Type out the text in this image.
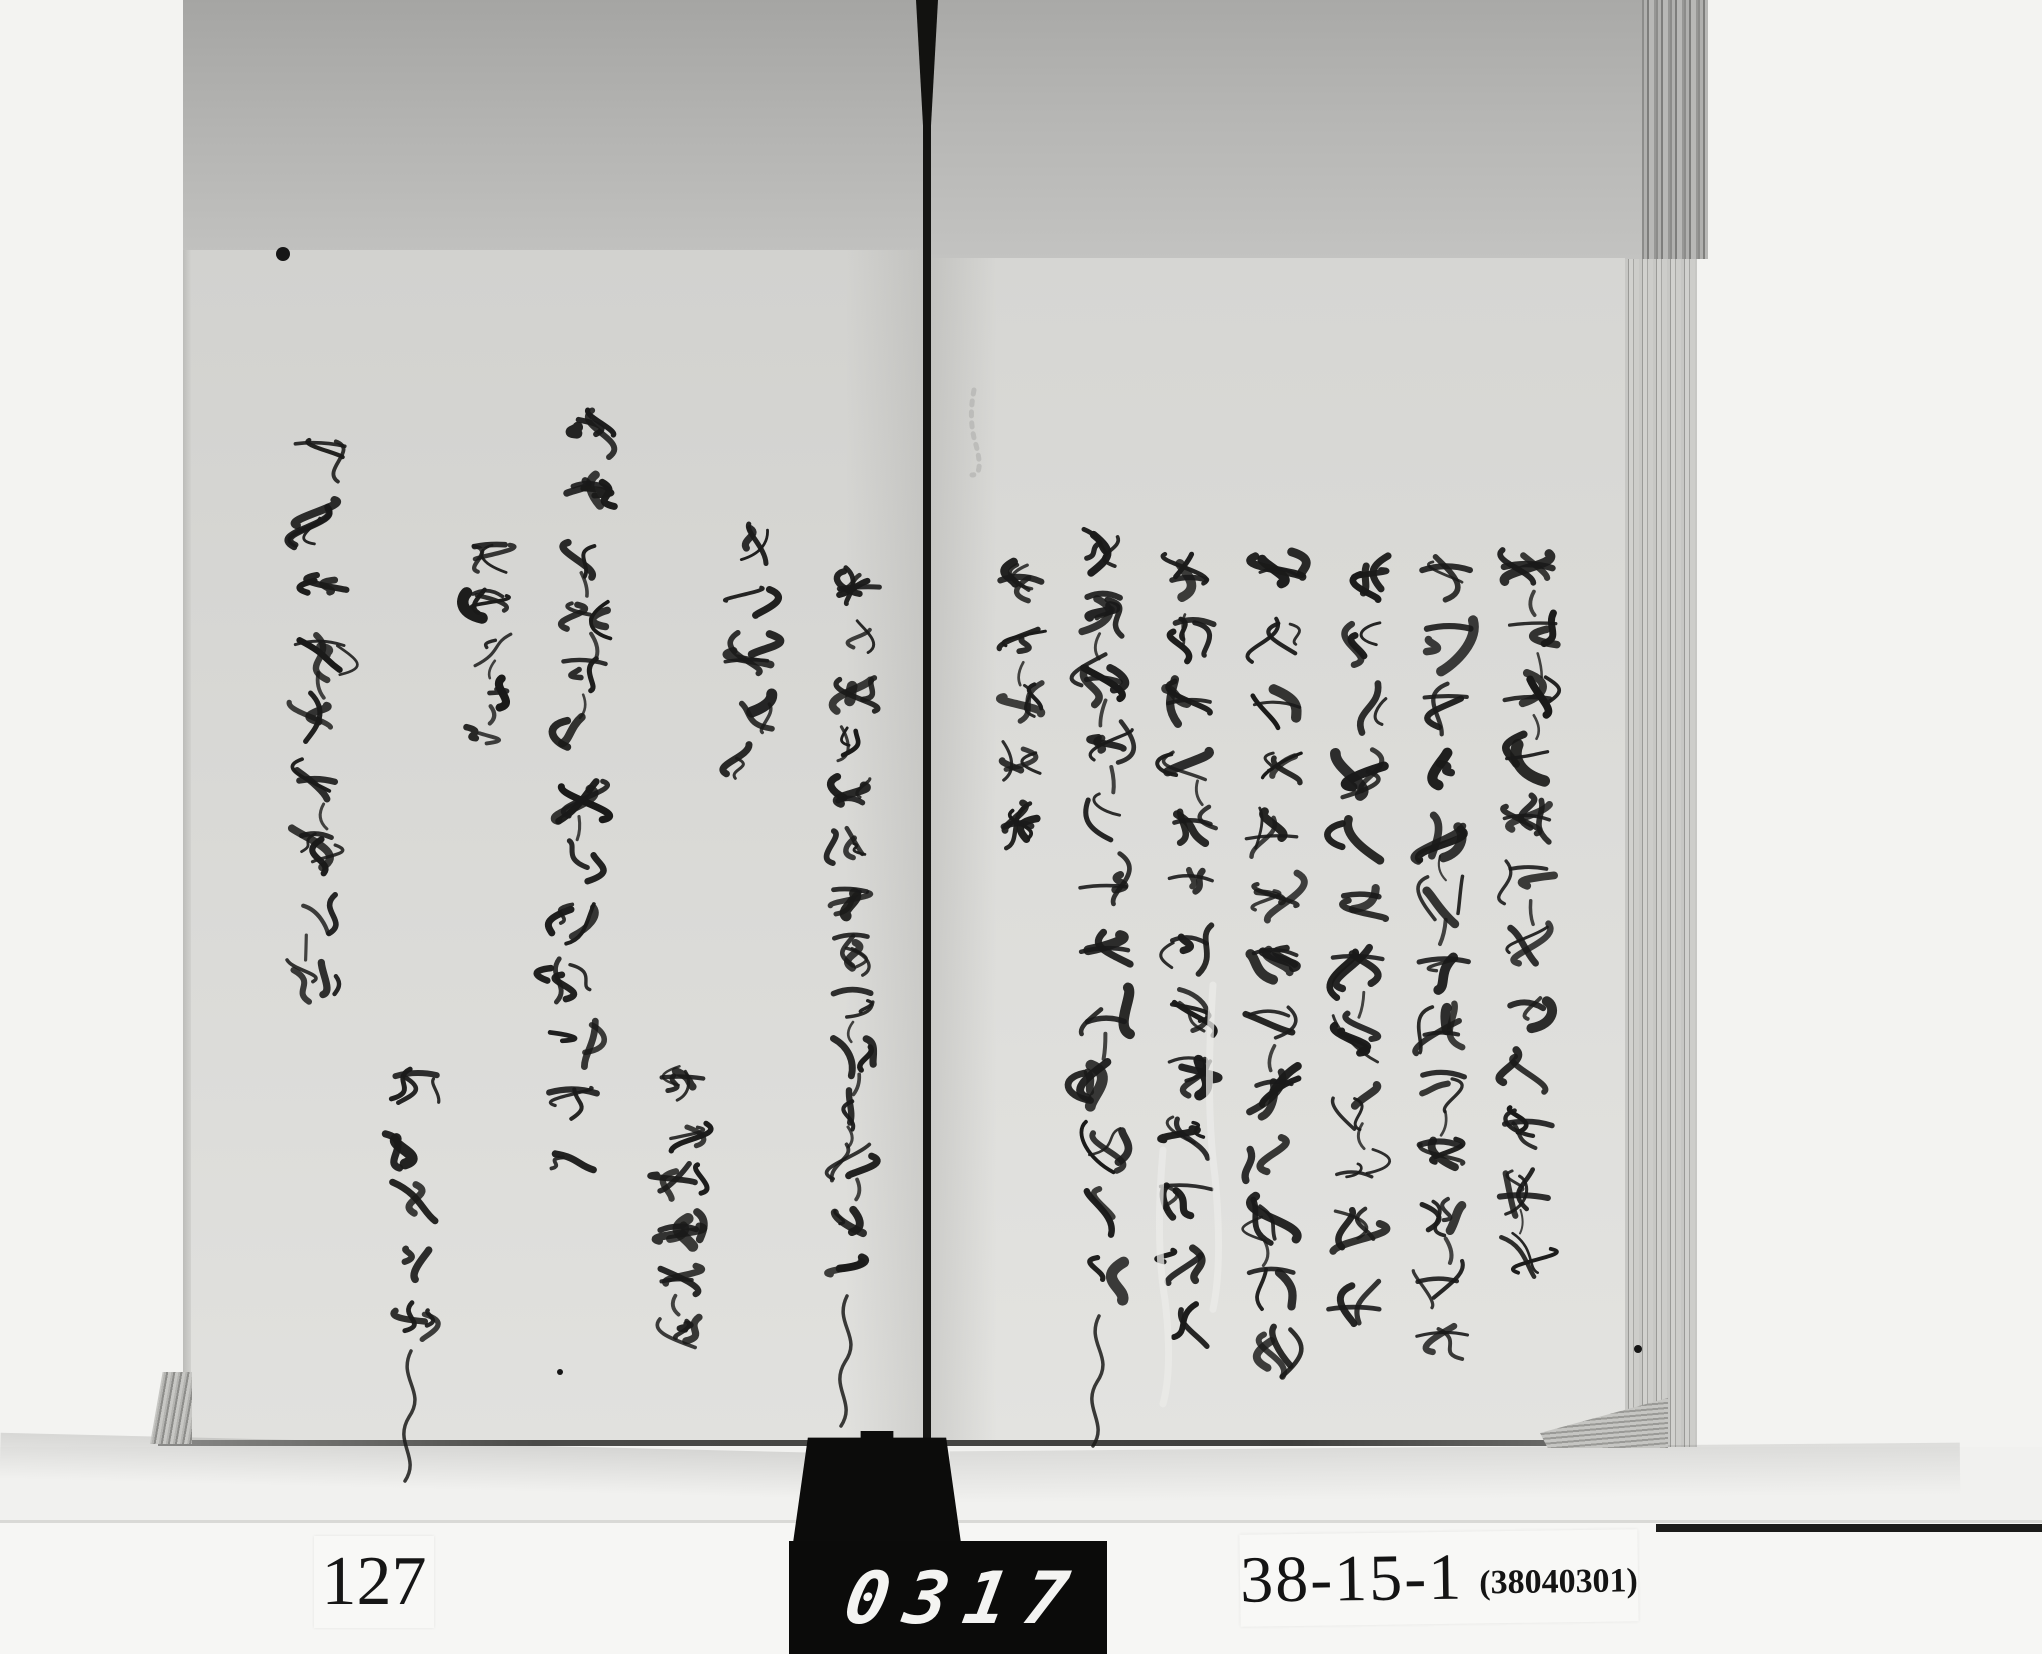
0317
127	38-15-1 (38040301)
